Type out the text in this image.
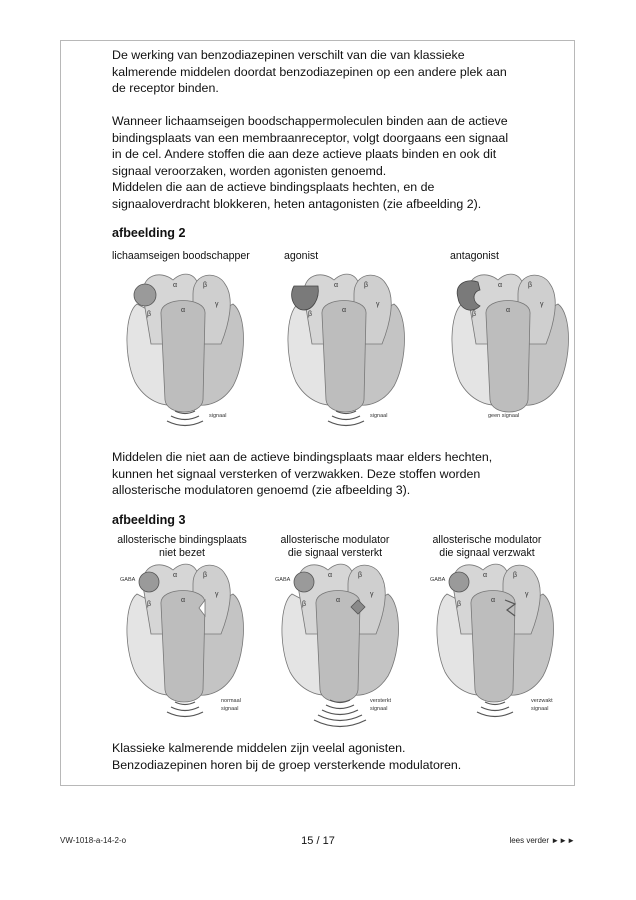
De werking van benzodiazepinen verschilt van die van klassieke
kalmerende middelen doordat benzodiazepinen op een andere plek aan
de receptor binden.

Wanneer lichaamseigen boodschappermoleculen binden aan de actieve
bindingsplaats van een membraanreceptor, volgt doorgaans een signaal
in de cel. Andere stoffen die aan deze actieve plaats binden en ook dit
signaal veroorzaken, worden agonisten genoemd.
Middelen die aan de actieve bindingsplaats hechten, en de
signaaloverdracht blokkeren, heten antagonisten (zie afbeelding 2).

afbeelding 2

lichaamseigen boodschapper	agonist	antagonist
α	β
β
α
γ
signaal
α	β
β
α
γ
signaal
α	β
β
α
γ
geen signaal

Middelen die niet aan de actieve bindingsplaats maar elders hechten,
kunnen het signaal versterken of verzwakken. Deze stoffen worden
allosterische modulatoren genoemd (zie afbeelding 3).

afbeelding 3

allosterische bindingsplaats
niet bezet
allosterische modulator
die signaal versterkt
allosterische modulator
die signaal verzwakt
GABA
α	β
β
α
γ
normaal
signaal
GABA
α	β
β
α
γ
versterkt
signaal
GABA
α	β
β
α
γ
verzwakt
signaal

Klassieke kalmerende middelen zijn veelal agonisten.
Benzodiazepinen horen bij de groep versterkende modulatoren.

VW-1018-a-14-2-o	15 / 17	lees verder ►►►
